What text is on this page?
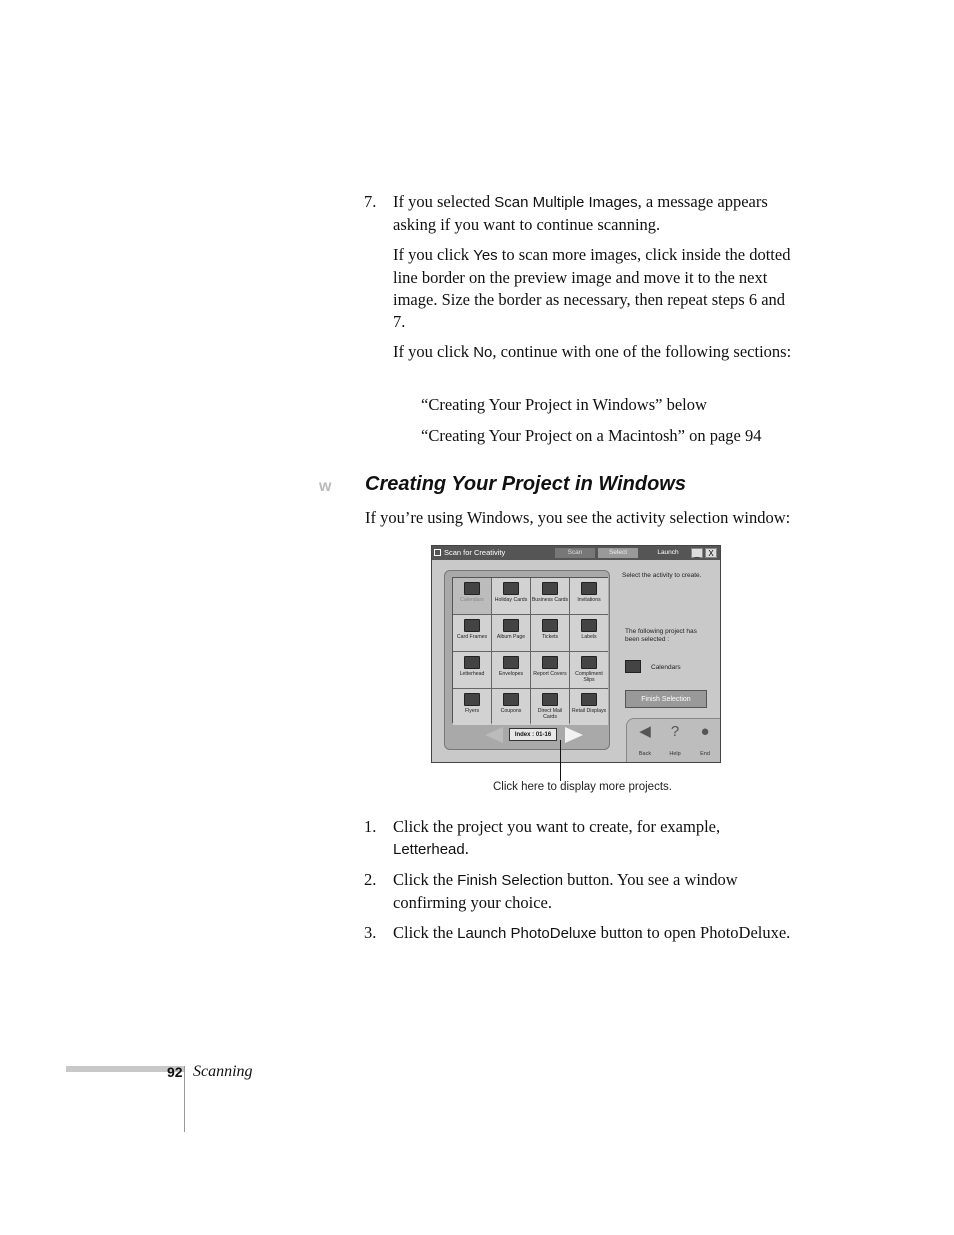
7.	If you selected Scan Multiple Images, a message appears asking if you want to continue scanning.
If you click Yes to scan more images, click inside the dotted line border on the preview image and move it to the next image. Size the border as necessary, then repeat steps 6 and 7.
If you click No, continue with one of the following sections:
“Creating Your Project in Windows” below
“Creating Your Project on a Macintosh” on page 94
w Creating Your Project in Windows
If you’re using Windows, you see the activity selection window:
Scan for Creativity	Scan	Select	Launch	_	X
Calendars	Holiday Cards Business Cards	Invitations
Card Frames	Album Page	Tickets	Labels
Letterhead	Envelopes	Report Covers	Compliment Slips
Flyers	Coupons	Direct Mail Cards
Retail Displays
Index : 01-16
Select the activity to create.
The following project has been selected :
Calendars
Finish Selection
◀	?	●
Back	Help	End
Click here to display more projects.
1.	Click the project you want to create, for example, Letterhead.
2.	Click the Finish Selection button. You see a window confirming your choice.
3.	Click the Launch PhotoDeluxe button to open PhotoDeluxe.
92 Scanning
